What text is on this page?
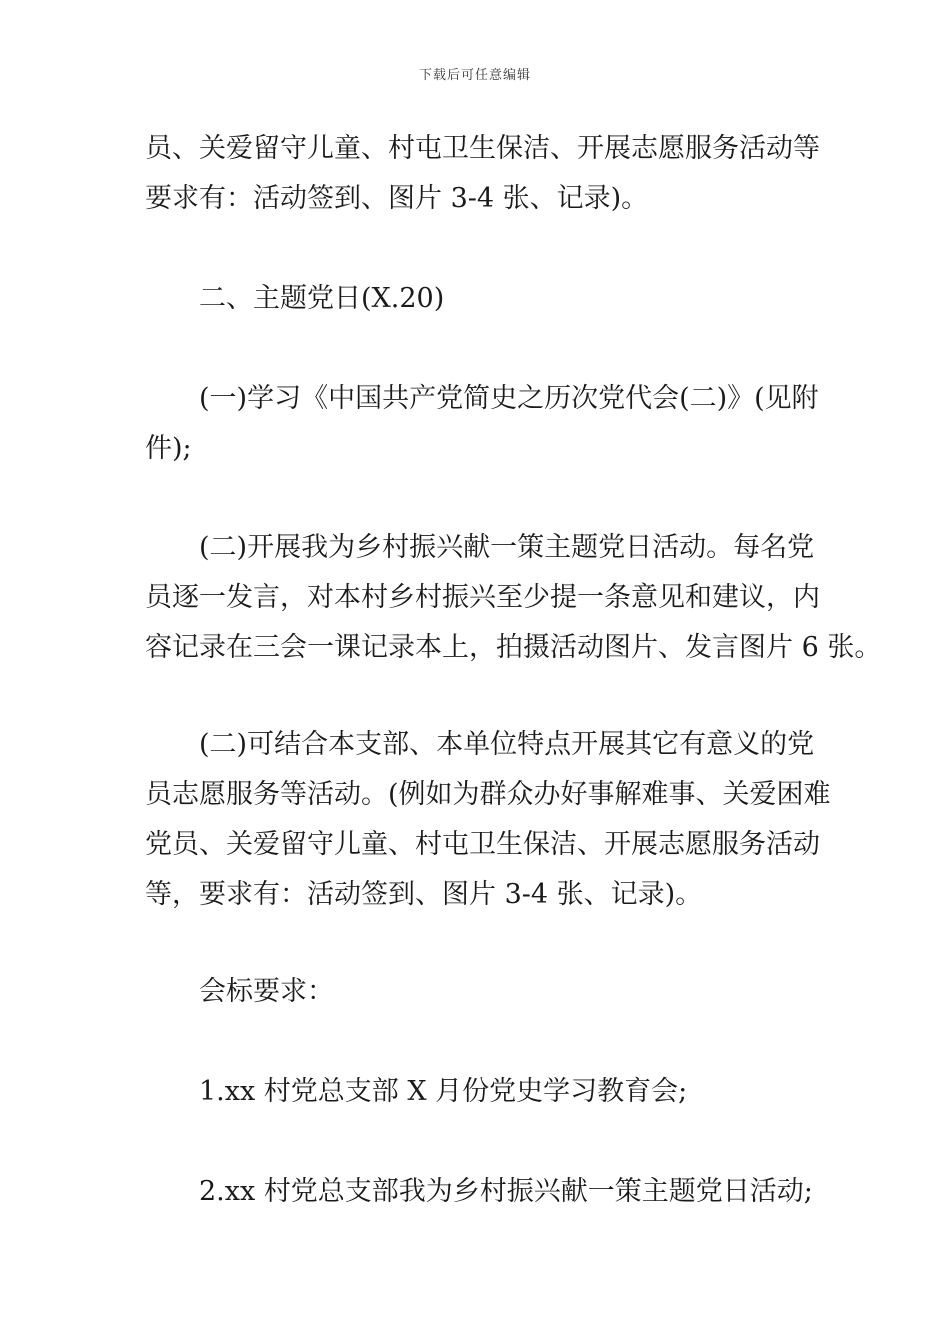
下载后可任意编辑
员、关爱留守儿童、村屯卫生保洁、开展志愿服务活动等
要求有：活动签到、图片 3-4 张、记录)。
二、主题党日(X.20)
(一)学习《中国共产党简史之历次党代会(二)》(见附
件);
(二)开展我为乡村振兴献一策主题党日活动。每名党
员逐一发言，对本村乡村振兴至少提一条意见和建议，内
容记录在三会一课记录本上，拍摄活动图片、发言图片 6 张。
(二)可结合本支部、本单位特点开展其它有意义的党
员志愿服务等活动。(例如为群众办好事解难事、关爱困难
党员、关爱留守儿童、村屯卫生保洁、开展志愿服务活动
等，要求有：活动签到、图片 3-4 张、记录)。
会标要求：
1.xx 村党总支部 X 月份党史学习教育会;
2.xx 村党总支部我为乡村振兴献一策主题党日活动;
